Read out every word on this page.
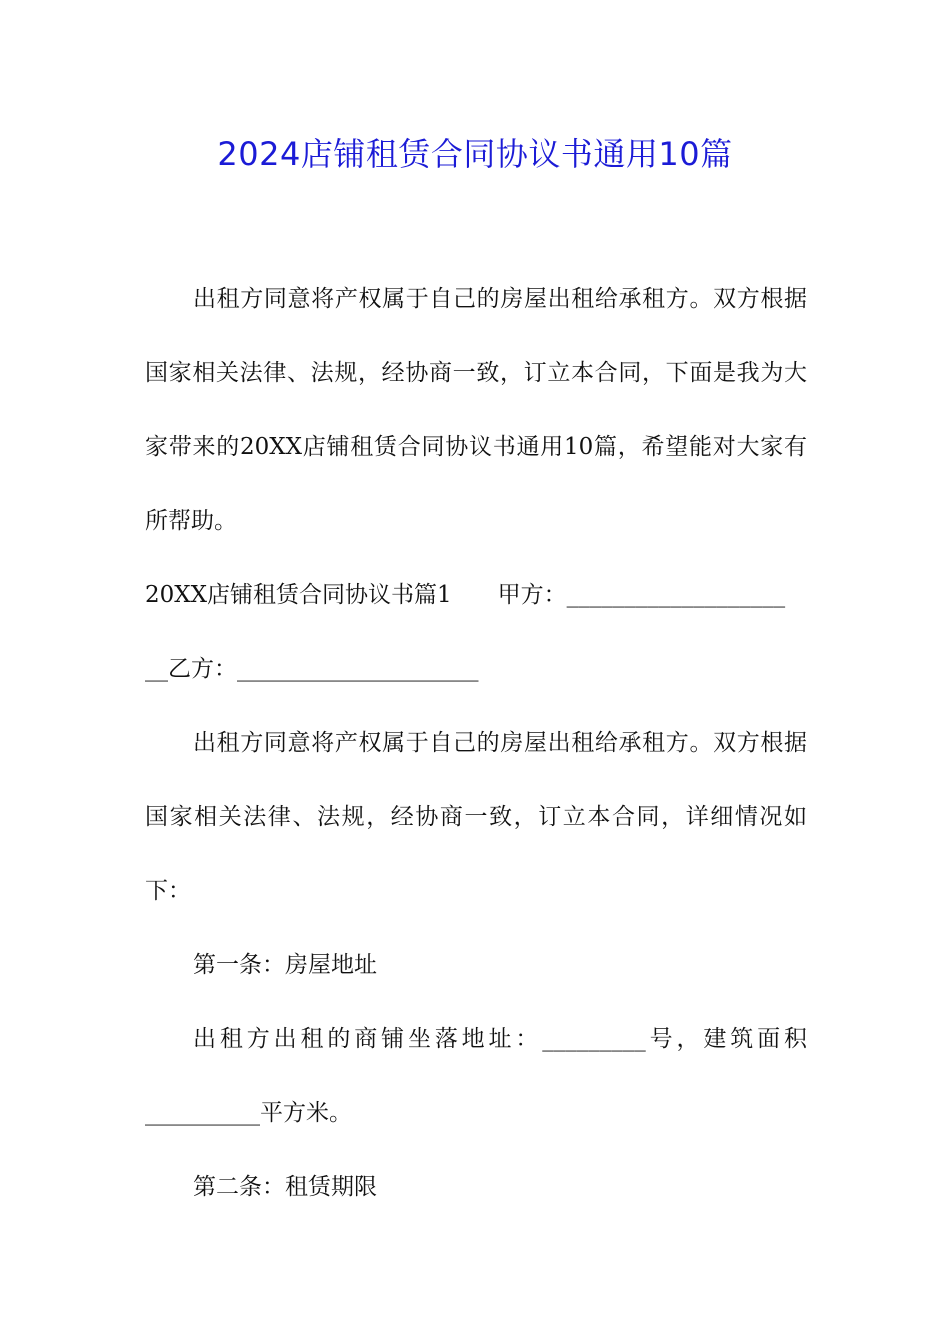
2024店铺租赁合同协议书通用10篇

出租方同意将产权属于自己的房屋出租给承租方。双方根据国家相关法律、法规，经协商一致，订立本合同，下面是我为大家带来的20XX店铺租赁合同协议书通用10篇，希望能对大家有所帮助。

20XX店铺租赁合同协议书篇1　　甲方：___________________

__乙方：_____________________

出租方同意将产权属于自己的房屋出租给承租方。双方根据国家相关法律、法规，经协商一致，订立本合同，详细情况如下：

第一条：房屋地址

出租方出租的商铺坐落地址：_________号，建筑面积__________平方米。

第二条：租赁期限
